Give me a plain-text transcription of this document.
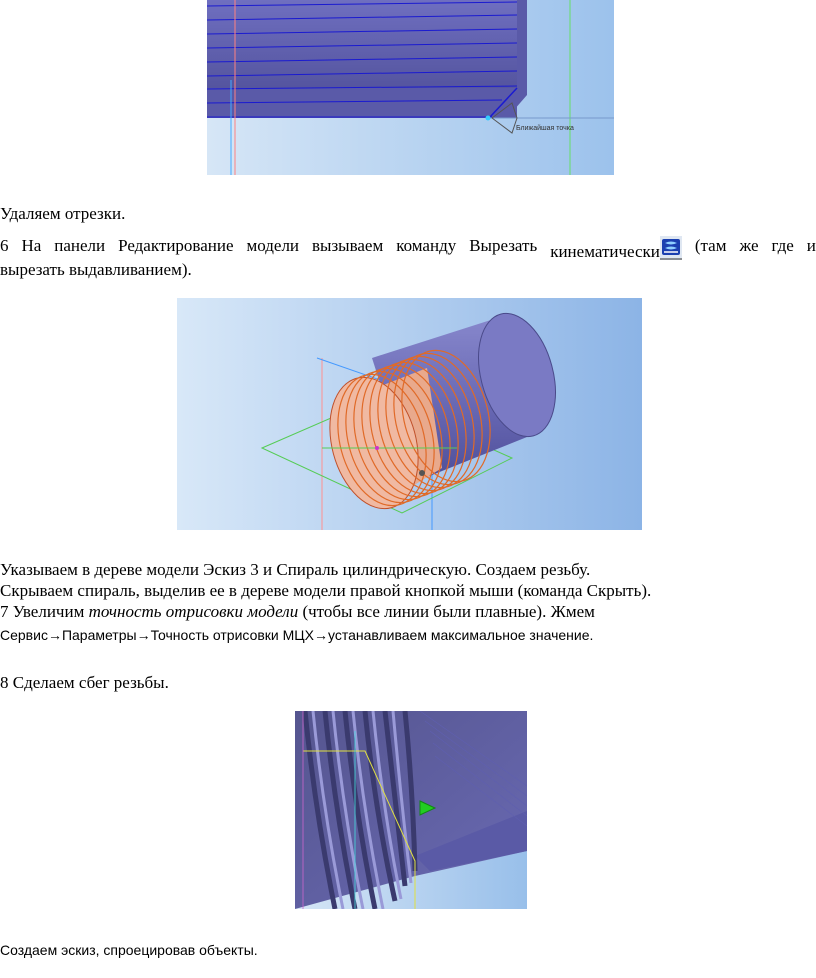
Ближайшая точка
Удаляем отрезки.
6 На панели Редактирование модели вызываем команду Вырезать кинематически	(там же где и
вырезать выдавливанием).
Указываем в дереве модели Эскиз 3 и Спираль цилиндрическую. Создаем резьбу.
Скрываем спираль, выделив ее в дереве модели правой кнопкой мыши (команда Скрыть).
7 Увеличим точность отрисовки модели (чтобы все линии были плавные). Жмем
Сервис→Параметры→Точность отрисовки МЦХ→устанавливаем максимальное значение.
8 Сделаем сбег резьбы.
Создаем эскиз, спроецировав объекты.
